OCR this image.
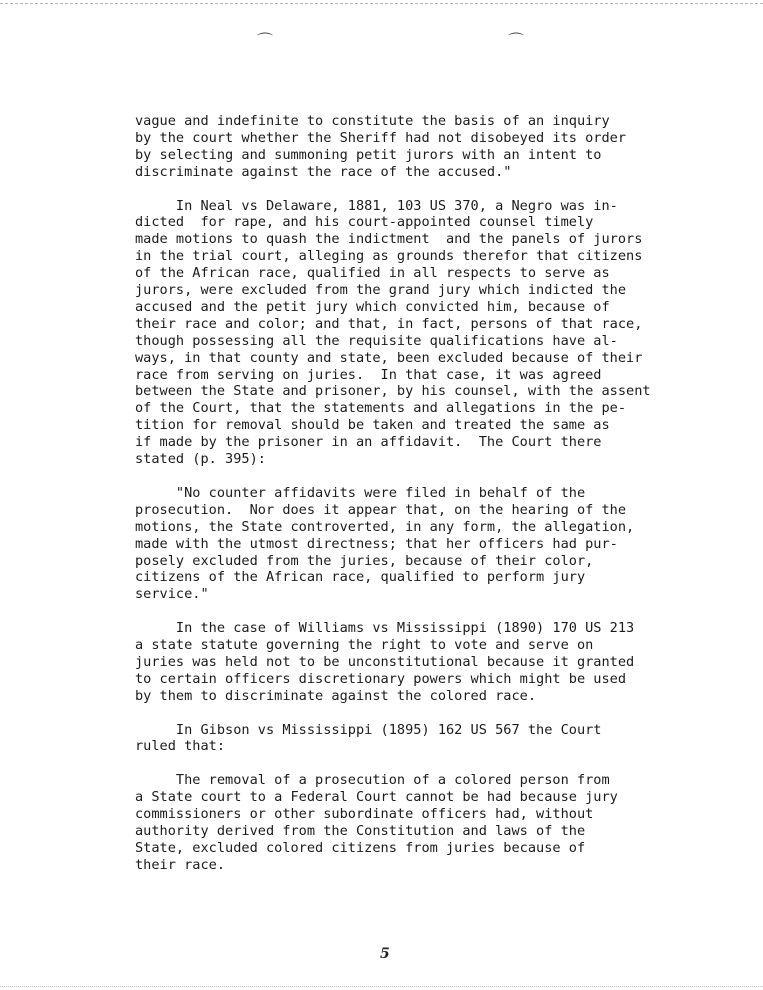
⌒	⌒
vague and indefinite to constitute the basis of an inquiry
by the court whether the Sheriff had not disobeyed its order
by selecting and summoning petit jurors with an intent to
discriminate against the race of the accused."
In Neal vs Delaware, 1881, 103 US 370, a Negro was in-
dicted  for rape, and his court-appointed counsel timely
made motions to quash the indictment  and the panels of jurors
in the trial court, alleging as grounds therefor that citizens
of the African race, qualified in all respects to serve as
jurors, were excluded from the grand jury which indicted the
accused and the petit jury which convicted him, because of
their race and color; and that, in fact, persons of that race,
though possessing all the requisite qualifications have al-
ways, in that county and state, been excluded because of their
race from serving on juries.  In that case, it was agreed
between the State and prisoner, by his counsel, with the assent
of the Court, that the statements and allegations in the pe-
tition for removal should be taken and treated the same as
if made by the prisoner in an affidavit.  The Court there
stated (p. 395):
"No counter affidavits were filed in behalf of the
prosecution.  Nor does it appear that, on the hearing of the
motions, the State controverted, in any form, the allegation,
made with the utmost directness; that her officers had pur-
posely excluded from the juries, because of their color,
citizens of the African race, qualified to perform jury
service."
In the case of Williams vs Mississippi (1890) 170 US 213
a state statute governing the right to vote and serve on
juries was held not to be unconstitutional because it granted
to certain officers discretionary powers which might be used
by them to discriminate against the colored race.
In Gibson vs Mississippi (1895) 162 US 567 the Court
ruled that:
The removal of a prosecution of a colored person from
a State court to a Federal Court cannot be had because jury
commissioners or other subordinate officers had, without
authority derived from the Constitution and laws of the
State, excluded colored citizens from juries because of
their race.
5
